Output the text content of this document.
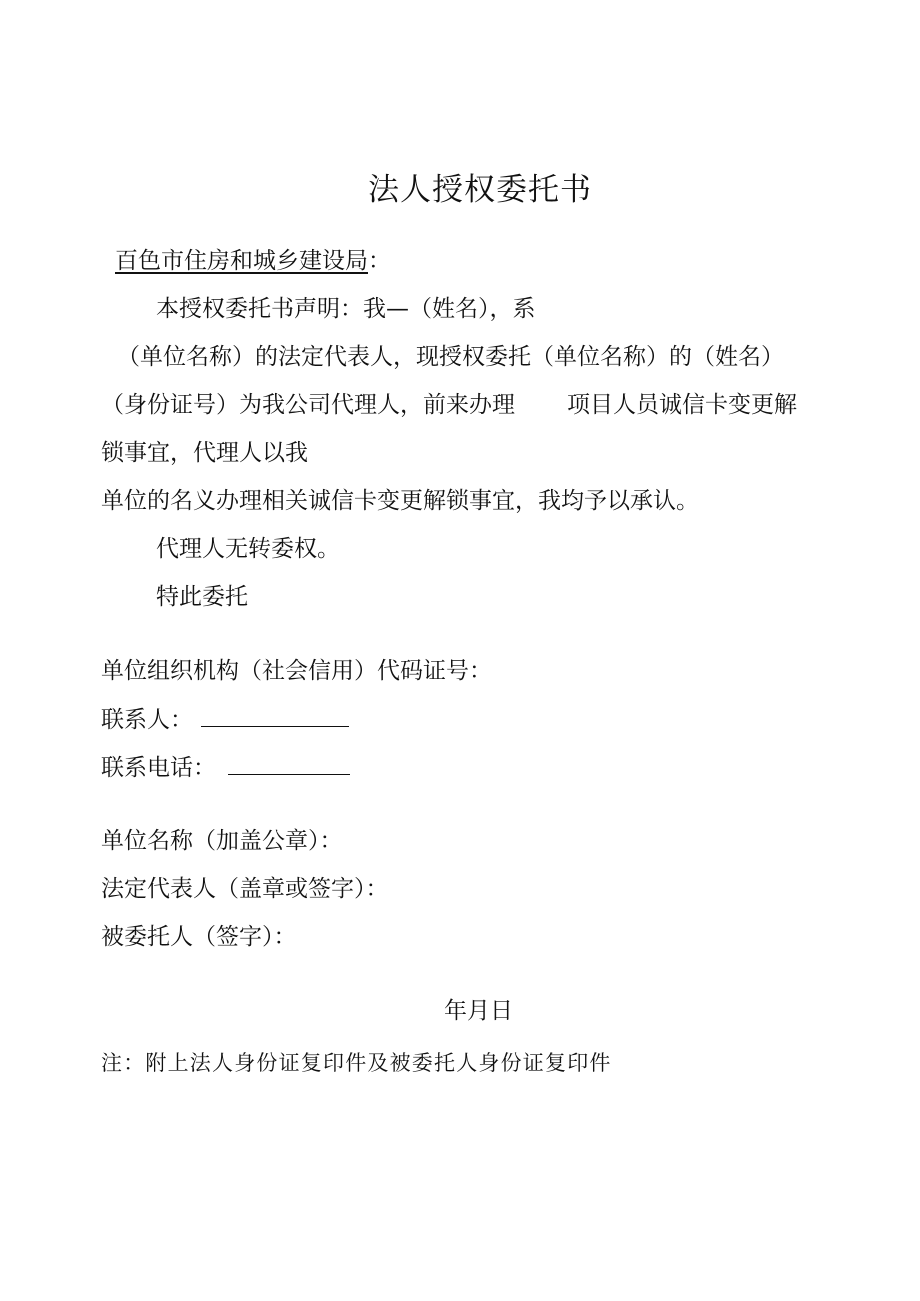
法人授权委托书
百色市住房和城乡建设局：
本授权委托书声明：我—（姓名），系
（单位名称）的法定代表人，现授权委托（单位名称）的（姓名）
（身份证号）为我公司代理人，前来办理 项目人员诚信卡变更解
锁事宜，代理人以我
单位的名义办理相关诚信卡变更解锁事宜，我均予以承认。
代理人无转委权。
特此委托
单位组织机构（社会信用）代码证号：
联系人：
联系电话：
单位名称（加盖公章）：
法定代表人（盖章或签字）：
被委托人（签字）：
年月日
注：附上法人身份证复印件及被委托人身份证复印件
